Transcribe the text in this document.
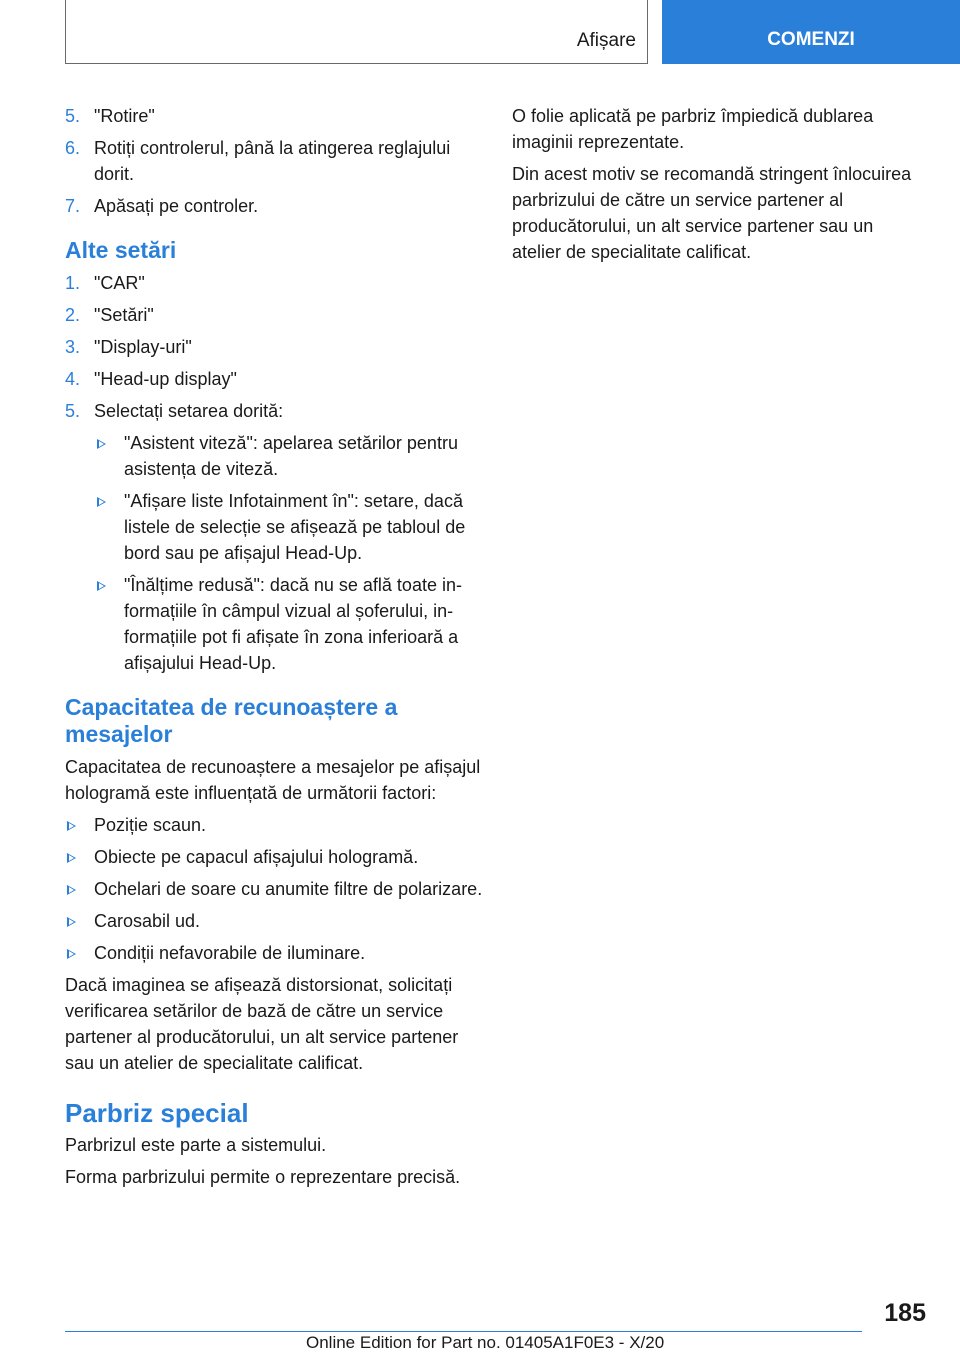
Afișare	COMENZI
5. "Rotire"
6. Rotiți controlerul, până la atingerea reglajului dorit.
7. Apăsați pe controler.
Alte setări
1. "CAR"
2. "Setări"
3. "Display-uri"
4. "Head-up display"
5. Selectați setarea dorită:
"Asistent viteză": apelarea setărilor pentru asistența de viteză.
"Afișare liste Infotainment în": setare, dacă listele de selecție se afișează pe tabloul de bord sau pe afișajul Head-Up.
"Înălțime redusă": dacă nu se află toate informațiile în câmpul vizual al șoferului, informațiile pot fi afișate în zona inferioară a afișajului Head-Up.
Capacitatea de recunoaștere a mesajelor

Capacitatea de recunoaștere a mesajelor pe afișajul hologramă este influențată de următorii factori:

Poziție scaun.
Obiecte pe capacul afișajului hologramă.
Ochelari de soare cu anumite filtre de polarizare.
Carosabil ud.
Condiții nefavorabile de iluminare.

Dacă imaginea se afișează distorsionat, solicitați verificarea setărilor de bază de către un service partener al producătorului, un alt service partener sau un atelier de specialitate calificat.

Parbriz special

Parbrizul este parte a sistemului.

Forma parbrizului permite o reprezentare precisă.

O folie aplicată pe parbriz împiedică dublarea imaginii reprezentate.

Din acest motiv se recomandă stringent înlocuirea parbrizului de către un service partener al producătorului, un alt service partener sau un atelier de specialitate calificat.

185
Online Edition for Part no. 01405A1F0E3 - X/20
